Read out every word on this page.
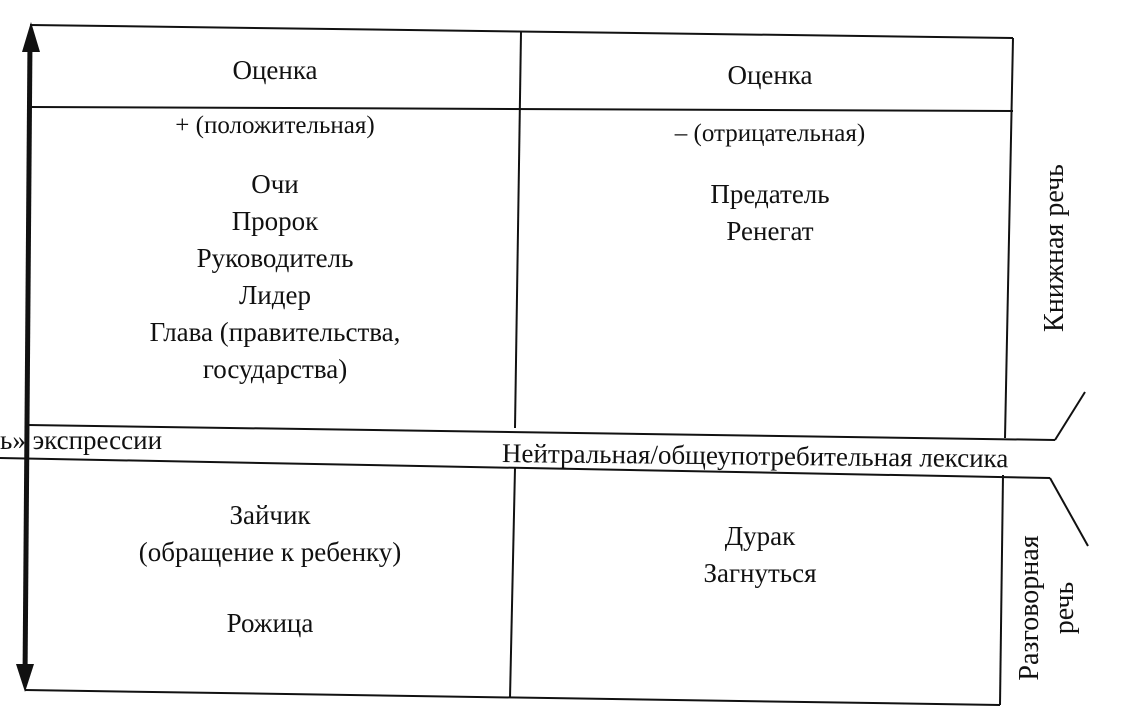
Оценка
+ (положительная)
Очи
Пророк
Руководитель
Лидер
Глава (правительства,
государства)
Оценка
– (отрицательная)
Предатель
Ренегат
ь» экспрессии	Нейтральная/общеупотребительная лексика
Зайчик
(обращение к ребенку)
Рожица
Дурак
Загнуться
Книжная речь
Разговорная речь
